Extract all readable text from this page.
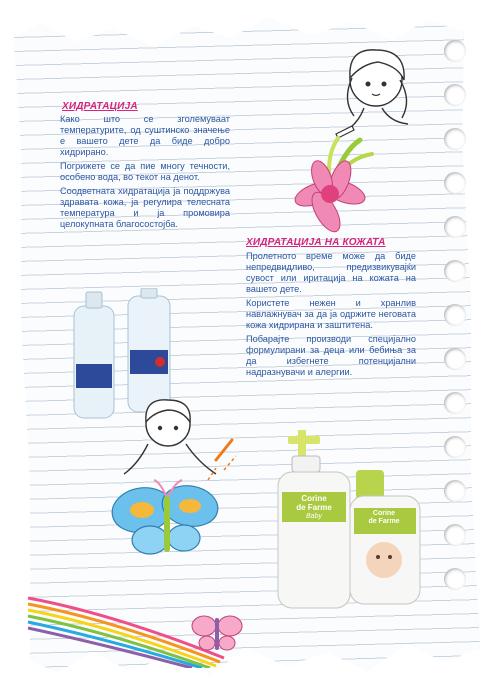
ХИДРАТАЦИЈА

Како што се зголемуваат температурите, од суштинско значење е вашето дете да биде добро хидрирано.

Погрижете се да пие многу течности, особено вода, во текот на денот.

Соодветната хидратација ја поддржува здравата кожа, ја регулира телесната температура и ја промовира целокупната благосостојба.

ХИДРАТАЦИЈА НА КОЖАТА

Пролетното време може да биде непредвидливо, предизвикувајќи сувост или иритација на кожата на вашето дете.

Користете нежен и хранлив навлажнувач за да ја одржите неговата кожа хидрирана и заштитена.

Побарајте производи специјално формулирани за деца или бебиња за да избегнете потенцијални надразнувачи и алергии.

Corine
de Farme
Baby	Corine
de Farme
